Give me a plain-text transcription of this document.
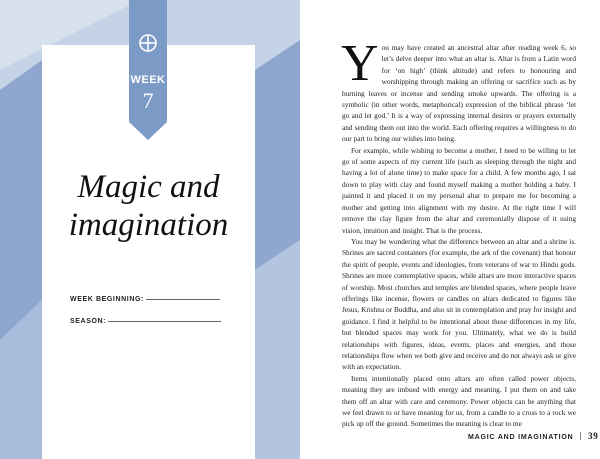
WEEK
7
Magic and
imagination
WEEK BEGINNING:
SEASON:

You may have created an ancestral altar after reading week 6, so let’s delve deeper into what an altar is. Altar is from a Latin word for ‘on high’ (think altitude) and refers to honouring and worshipping through making an offering or sacrifice such as by burning leaves or incense and sending smoke upwards. The offering is a symbolic (in other words, metaphorical) expression of the biblical phrase ‘let go and let god.’ It is a way of expressing internal desires or prayers externally and sending them out into the world. Each offering requires a willingness to do our part to bring our wishes into being.

For example, while wishing to become a mother, I need to be willing to let go of some aspects of my current life (such as sleeping through the night and having a lot of alone time) to make space for a child. A few months ago, I sat down to play with clay and found myself making a mother holding a baby. I painted it and placed it on my personal altar to prepare me for becoming a mother and getting into alignment with my desire. At the right time I will remove the clay figure from the altar and ceremonially dispose of it using vision, intuition and insight. That is the process.

You may be wondering what the difference between an altar and a shrine is. Shrines are sacred containers (for example, the ark of the covenant) that honour the spirit of people, events and ideologies, from veterans of war to Hindu gods. Shrines are more contemplative spaces, while altars are more interactive spaces of worship. Most churches and temples are blended spaces, where people leave offerings like incense, flowers or candles on altars dedicated to figures like Jesus, Krishna or Buddha, and also sit in contemplation and pray for insight and guidance. I find it helpful to be intentional about these differences in my life, but blended spaces may work for you. Ultimately, what we do is build relationships with figures, ideas, events, places and energies, and those relationships flow when we both give and receive and do not always ask or give with an expectation.

Items intentionally placed onto altars are often called power objects, meaning they are imbued with energy and meaning. I put them on and take them off an altar with care and ceremony. Power objects can be anything that we feel drawn to or have meaning for us, from a candle to a cross to a rock we pick up off the ground. Sometimes the meaning is clear to me

MAGIC AND IMAGINATION 39
